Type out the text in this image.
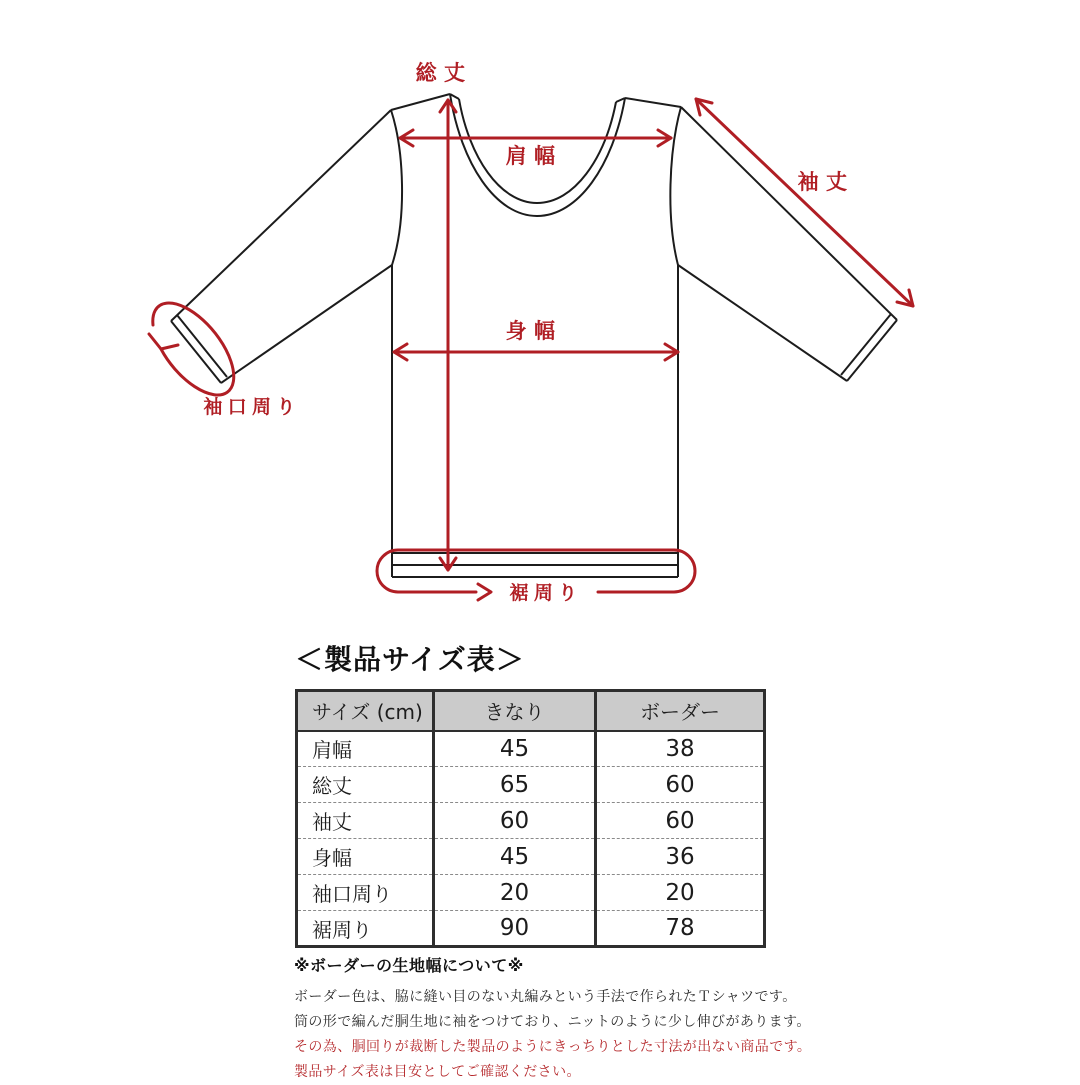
総丈
肩幅
袖丈
身幅
袖口周り
裾周り
＜製品サイズ表＞
サイズ (cm)	きなり	ボーダー
肩幅	45	38
総丈	65	60
袖丈	60	60
身幅	45	36
袖口周り	20	20
裾周り	90	78
※ボーダーの生地幅について※
ボーダー色は、脇に縫い目のない丸編みという手法で作られたＴシャツです。
筒の形で編んだ胴生地に袖をつけており、ニットのように少し伸びがあります。
その為、胴回りが裁断した製品のようにきっちりとした寸法が出ない商品です。
製品サイズ表は目安としてご確認ください。
